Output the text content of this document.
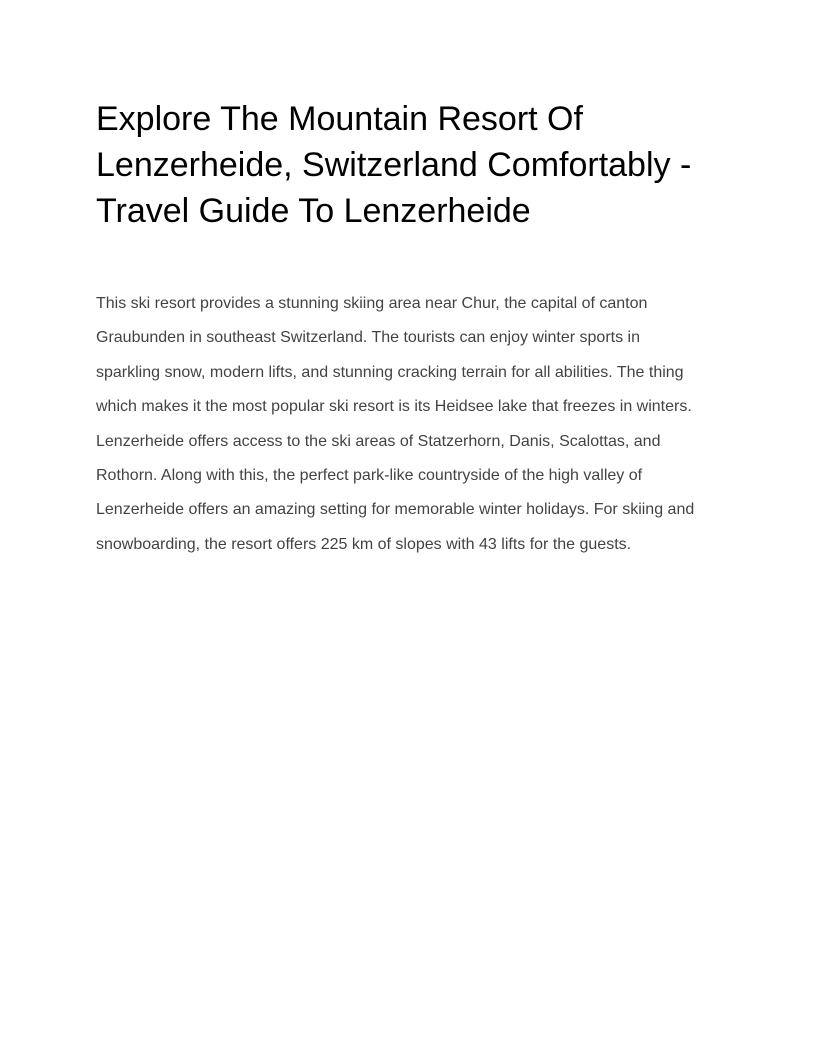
Explore The Mountain Resort Of
Lenzerheide, Switzerland Comfortably -
Travel Guide To Lenzerheide

This ski resort provides a stunning skiing area near Chur, the capital of canton
Graubunden in southeast Switzerland. The tourists can enjoy winter sports in
sparkling snow, modern lifts, and stunning cracking terrain for all abilities. The thing
which makes it the most popular ski resort is its Heidsee lake that freezes in winters.
Lenzerheide offers access to the ski areas of Statzerhorn, Danis, Scalottas, and
Rothorn. Along with this, the perfect park-like countryside of the high valley of
Lenzerheide offers an amazing setting for memorable winter holidays. For skiing and
snowboarding, the resort offers 225 km of slopes with 43 lifts for the guests.
